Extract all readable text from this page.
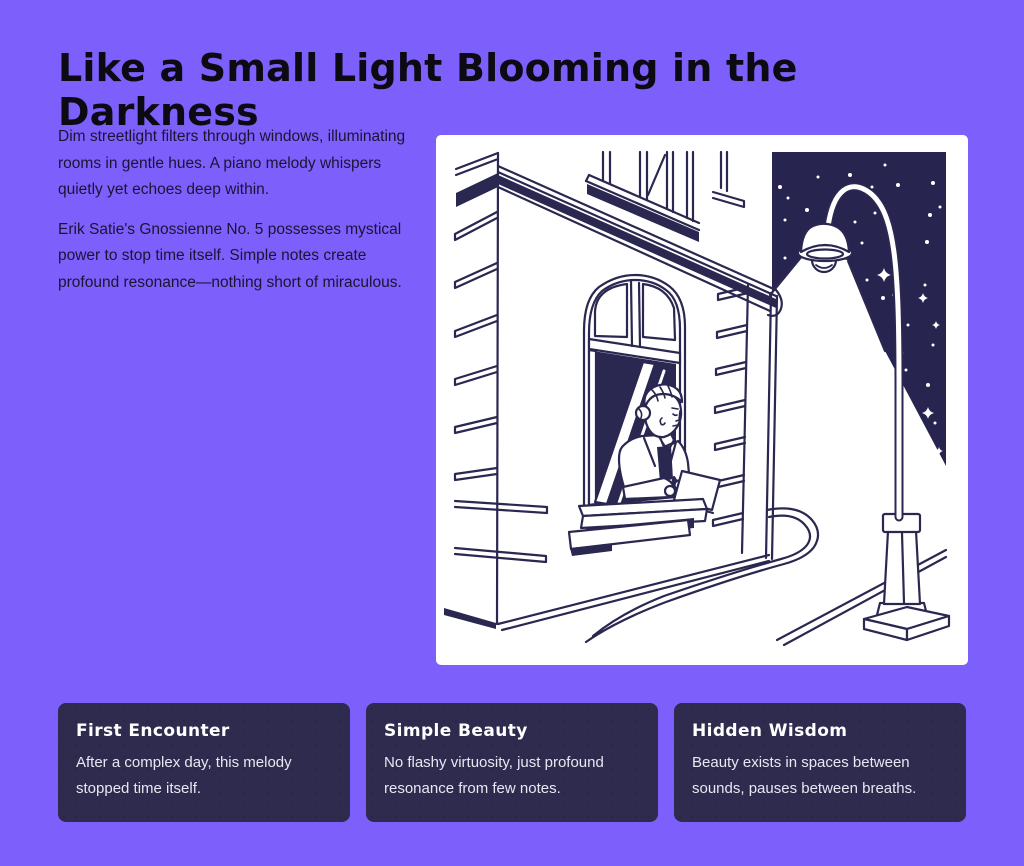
Like a Small Light Blooming in the Darkness

Dim streetlight filters through windows, illuminating rooms in gentle hues. A piano melody whispers quietly yet echoes deep within.

Erik Satie's Gnossienne No. 5 possesses mystical power to stop time itself. Simple notes create profound resonance—nothing short of miraculous.

First Encounter

After a complex day, this melody stopped time itself.

Simple Beauty

No flashy virtuosity, just profound resonance from few notes.

Hidden Wisdom

Beauty exists in spaces between sounds, pauses between breaths.
